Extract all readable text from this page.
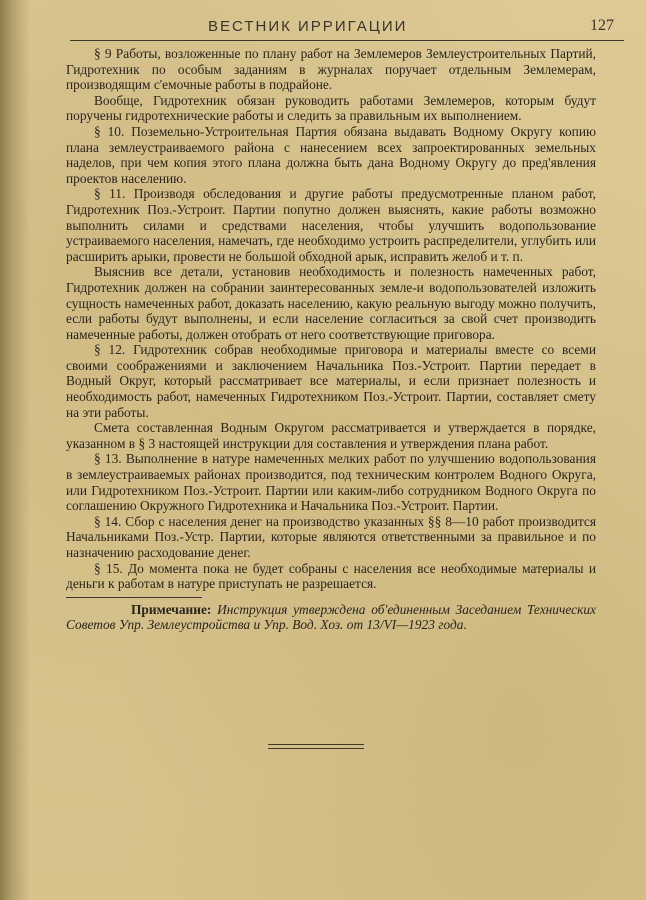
ВЕСТНИК ИРРИГАЦИИ	127

§ 9 Работы, возложенные по плану работ на Землемеров Землеустроительных Партий, Гидротехник по особым заданиям в журналах поручает отдельным Землемерам, производящим с'емочные работы в подрайоне.

Вообще, Гидротехник обязан руководить работами Землемеров, которым будут поручены гидротехнические работы и следить за правильным их выполнением.

§ 10. Поземельно-Устроительная Партия обязана выдавать Водному Округу копию плана землеустраиваемого района с нанесением всех запроектированных земельных наделов, при чем копия этого плана должна быть дана Водному Округу до пред'явления проектов населению.

§ 11. Производя обследования и другие работы предусмотренные планом работ, Гидротехник Поз.-Устроит. Партии попутно должен выяснять, какие работы возможно выполнить силами и средствами населения, чтобы улучшить водопользование устраиваемого населения, намечать, где необходимо устроить распределители, углубить или расширить арыки, провести не большой обходной арык, исправить желоб и т. п.

Выяснив все детали, установив необходимость и полезность намеченных работ, Гидротехник должен на собрании заинтересованных земле-и водопользователей изложить сущность намеченных работ, доказать населению, какую реальную выгоду можно получить, если работы будут выполнены, и если население согласиться за свой счет производить намеченные работы, должен отобрать от него соответствующие приговора.

§ 12. Гидротехник собрав необходимые приговора и материалы вместе со всеми своими соображениями и заключением Начальника Поз.-Устроит. Партии передает в Водный Округ, который рассматривает все материалы, и если признает полезность и необходимость работ, намеченных Гидротехником Поз.-Устроит. Партии, составляет смету на эти работы.

Смета составленная Водным Округом рассматривается и утверждается в порядке, указанном в § 3 настоящей инструкции для составления и утверждения плана работ.

§ 13. Выполнение в натуре намеченных мелких работ по улучшению водопользования в землеустраиваемых районах производится, под техническим контролем Водного Округа, или Гидротехником Поз.-Устроит. Партии или каким-либо сотрудником Водного Округа по соглашению Окружного Гидротехника и Начальника Поз.-Устроит. Партии.

§ 14. Сбор с населения денег на производство указанных §§ 8—10 работ производится Начальниками Поз.-Устр. Партии, которые являются ответственными за правильное и по назначению расходование денег.

§ 15. До момента пока не будет собраны с населения все необходимые материалы и деньги к работам в натуре приступать не разрешается.

Примечание: Инструкция утверждена об'единенным Заседанием Технических Советов Упр. Землеустройства и Упр. Вод. Хоз. от 13/VI—1923 года.
